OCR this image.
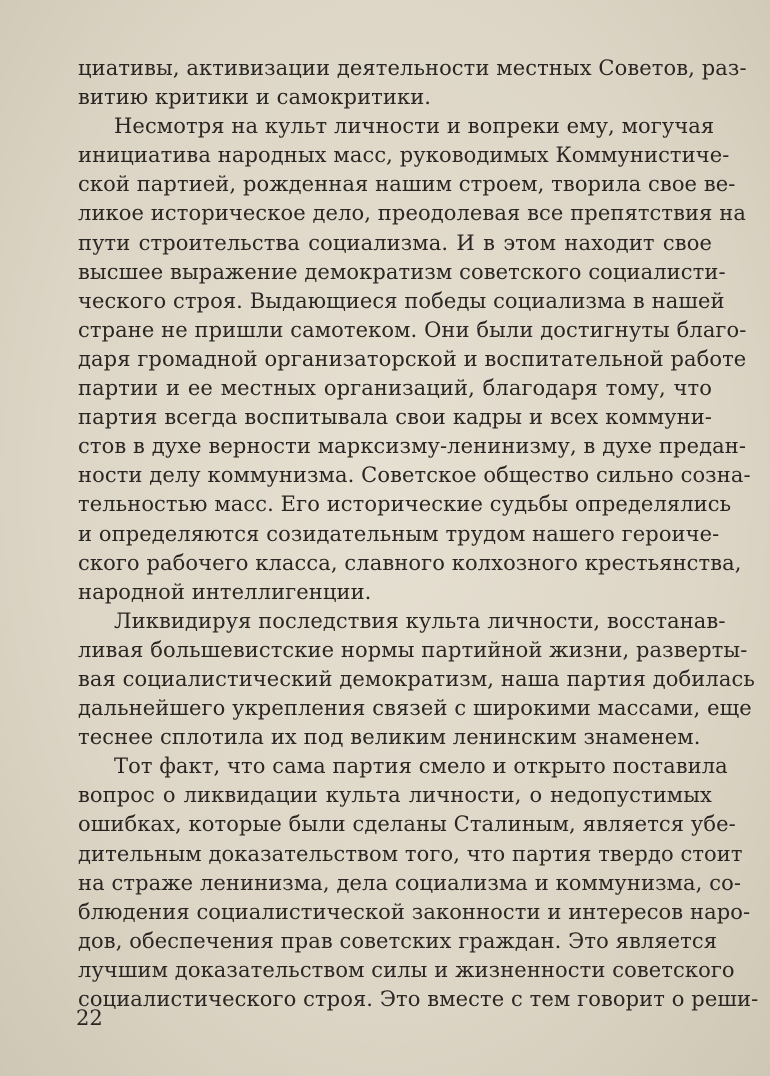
циативы, активизации деятельности местных Советов, раз-
витию критики и самокритики.
Несмотря на культ личности и вопреки ему, могучая
инициатива народных масс, руководимых Коммунистиче-
ской партией, рожденная нашим строем, творила свое ве-
ликое историческое дело, преодолевая все препятствия на
пути строительства социализма. И в этом находит свое
высшее выражение демократизм советского социалисти-
ческого строя. Выдающиеся победы социализма в нашей
стране не пришли самотеком. Они были достигнуты благо-
даря громадной организаторской и воспитательной работе
партии и ее местных организаций, благодаря тому, что
партия всегда воспитывала свои кадры и всех коммуни-
стов в духе верности марксизму-ленинизму, в духе предан-
ности делу коммунизма. Советское общество сильно созна-
тельностью масс. Его исторические судьбы определялись
и определяются созидательным трудом нашего героиче-
ского рабочего класса, славного колхозного крестьянства,
народной интеллигенции.
Ликвидируя последствия культа личности, восстанав-
ливая большевистские нормы партийной жизни, разверты-
вая социалистический демократизм, наша партия добилась
дальнейшего укрепления связей с широкими массами, еще
теснее сплотила их под великим ленинским знаменем.
Тот факт, что сама партия смело и открыто поставила
вопрос о ликвидации культа личности, о недопустимых
ошибках, которые были сделаны Сталиным, является убе-
дительным доказательством того, что партия твердо стоит
на страже ленинизма, дела социализма и коммунизма, со-
блюдения социалистической законности и интересов наро-
дов, обеспечения прав советских граждан. Это является
лучшим доказательством силы и жизненности советского
социалистического строя. Это вместе с тем говорит о реши-
22
